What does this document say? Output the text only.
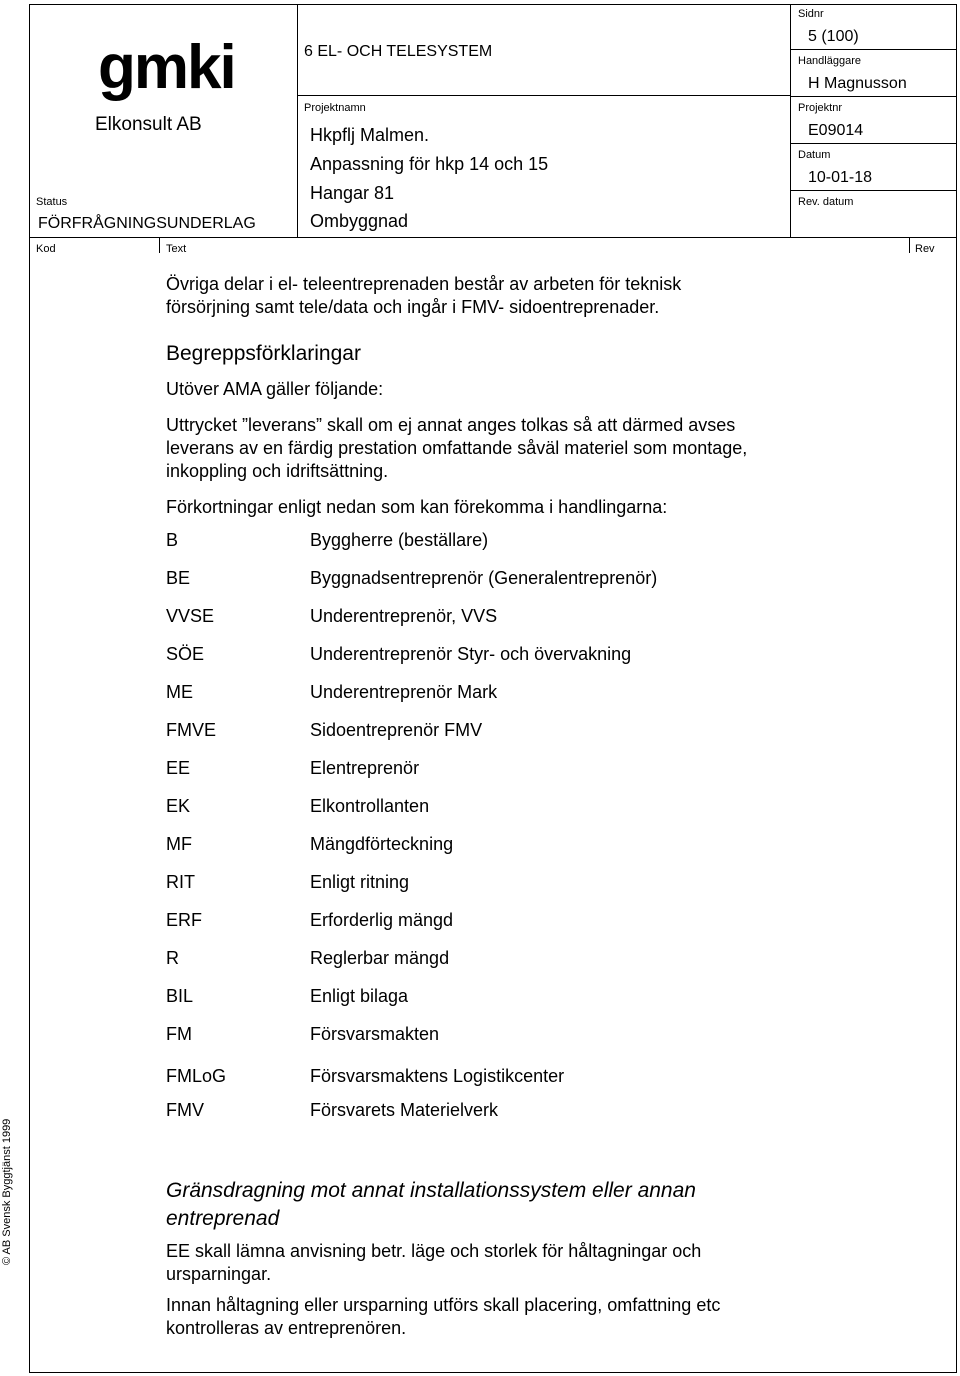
gmki
Elkonsult AB
Status
FÖRFRÅGNINGSUNDERLAG
6 EL- OCH TELESYSTEM
Projektnamn
Hkpflj Malmen.
Anpassning för hkp 14 och 15
Hangar 81
Ombyggnad
Sidnr
5 (100)
Handläggare
H Magnusson
Projektnr
E09014
Datum
10-01-18
Rev. datum
Kod	Text	Rev
Övriga delar i el- teleentreprenaden består av arbeten för teknisk försörjning samt tele/data och ingår i FMV- sidoentreprenader.
Begreppsförklaringar
Utöver AMA gäller följande:
Uttrycket ”leverans” skall om ej annat anges tolkas så att därmed avses leverans av en färdig prestation omfattande såväl materiel som montage, inkoppling och idriftsättning.
Förkortningar enligt nedan som kan förekomma i handlingarna:
B	Byggherre (beställare)
BE	Byggnadsentreprenör (Generalentreprenör)
VVSE	Underentreprenör, VVS
SÖE	Underentreprenör Styr- och övervakning
ME	Underentreprenör Mark
FMVE	Sidoentreprenör FMV
EE	Elentreprenör
EK	Elkontrollanten
MF	Mängdförteckning
RIT	Enligt ritning
ERF	Erforderlig mängd
R	Reglerbar mängd
BIL	Enligt bilaga
FM	Försvarsmakten
FMLoG	Försvarsmaktens Logistikcenter
FMV	Försvarets Materielverk
Gränsdragning mot annat installationssystem eller annan entreprenad
EE skall lämna anvisning betr. läge och storlek för håltagningar och ursparningar.
Innan håltagning eller ursparning utförs skall placering, omfattning etc kontrolleras av entreprenören.
© AB Svensk Byggtjänst 1999
